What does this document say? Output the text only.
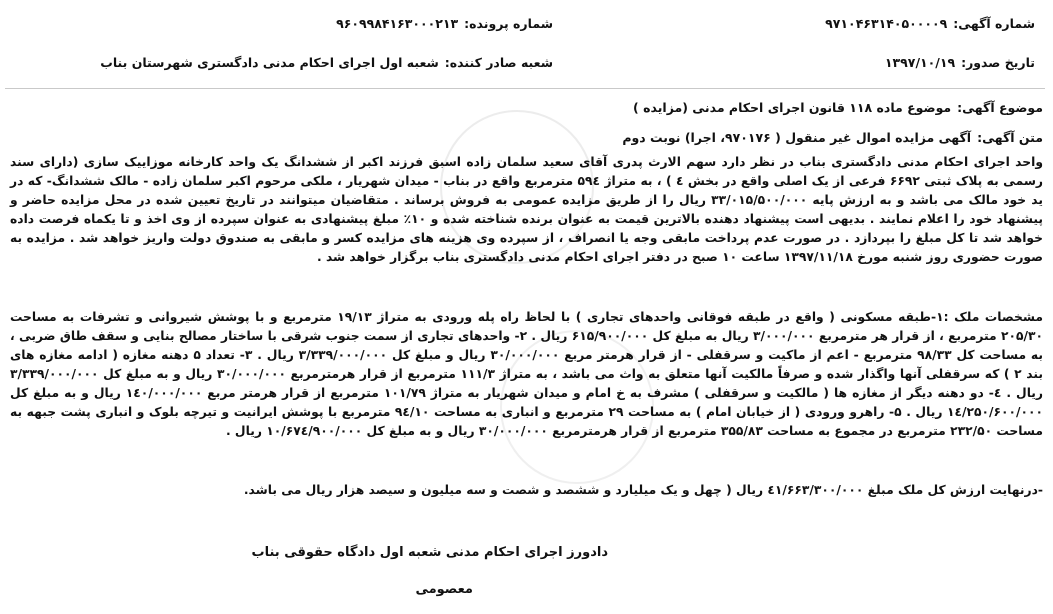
شماره آگهی:۹۷۱۰۴۶۳۱۴۰۵۰۰۰۰۹
شماره پرونده:۹۶۰۹۹۸۴۱۶۳۰۰۰۲۱۳
تاریخ صدور:۱۳۹۷/۱۰/۱۹
شعبه صادر کننده:شعبه اول اجرای احکام مدنی دادگستری شهرستان بناب
موضوع آگهی:موضوع ماده ۱۱۸ قانون اجرای احکام مدنی (مزایده )
متن آگهی:آگهی مزایده اموال غیر منقول ( ۹۷۰۱۷۶، اجرا) نوبت دوم

واحد اجرای احکام مدنی دادگستری بناب در نظر دارد سهم الارث پدری آقای سعید سلمان زاده اسبق فرزند اکبر از ششدانگ یک واحد کارخانه موزاییک سازی (دارای سند رسمی به پلاک ثبتی ۶۶۹۲ فرعی از یک اصلی واقع در بخش ٤ ) ، به متراژ ۵۹٤ مترمربع واقع در بناب - میدان شهریار ، ملکی مرحوم اکبر سلمان زاده - مالک ششدانگ- که در ید خود مالک می باشد و به ارزش پایه ۳۳/۰۱۵/۵۰۰/۰۰۰ ریال را از طریق مزایده عمومی به فروش برساند . متقاضیان میتوانند در تاریخ تعیین شده در محل مزایده حاضر و پیشنهاد خود را اعلام نمایند . بدیهی است پیشنهاد دهنده بالاترین قیمت به عنوان برنده شناخته شده و ۱۰٪ مبلغ پیشنهادی به عنوان سپرده از وی اخذ و تا یکماه فرصت داده خواهد شد تا کل مبلغ را بپردازد . در صورت عدم پرداخت مابقی وجه یا انصراف ، از سپرده وی هزینه های مزایده کسر و مابقی به صندوق دولت واریز خواهد شد . مزایده به صورت حضوری روز شنبه مورخ ۱۳۹۷/۱۱/۱۸ ساعت ۱۰ صبح در دفتر اجرای احکام مدنی دادگستری بناب برگزار خواهد شد .

مشخصات ملک :۱-طبقه مسکونی ( واقع در طبقه فوقانی واحدهای تجاری ) با لحاظ راه پله ورودی به متراژ ۱۹/۱۳ مترمربع و با پوشش شیروانی و تشرفات به مساحت ۲۰۵/۳۰ مترمربع ، از قرار هر مترمربع ۳/۰۰۰/۰۰۰ ریال به مبلغ کل ۶۱۵/۹۰۰/۰۰۰ ریال . ۲- واحدهای تجاری از سمت جنوب شرقی با ساختار مصالح بنایی و سقف طاق ضربی ، به مساحت کل ۹۸/۳۳ مترمربع - اعم از ماکیت و سرقفلی - از قرار هرمتر مربع ۳۰/۰۰۰/۰۰۰ ریال و مبلغ کل ۳/۳۳۹/۰۰۰/۰۰۰ ریال . ۳- تعداد ۵ دهنه مغازه ( ادامه مغازه های بند ۲ ) که سرقفلی آنها واگذار شده و صرفاً مالکیت آنها متعلق به واث می باشد ، به متراژ ۱۱۱/۳ مترمربع از قرار هرمترمربع ۳۰/۰۰۰/۰۰۰ ریال و به مبلغ کل ۳/۳۳۹/۰۰۰/۰۰۰ ریال . ٤- دو دهنه دیگر از مغازه ها ( مالکیت و سرقفلی ) مشرف به خ امام و میدان شهریار به متراژ ۱۰۱/۷۹ مترمربع از قرار هرمتر مربع ۱٤۰/۰۰۰/۰۰۰ ریال و به مبلغ کل ۱٤/۲۵۰/۶۰۰/۰۰۰ ریال . ۵- راهرو ورودی ( از خیابان امام ) به مساحت ۲۹ مترمربع و انباری به مساحت ۹٤/۱۰ مترمربع با پوشش ایرانیت و تیرچه بلوک و انباری پشت جبهه به مساحت ۲۳۲/۵۰ مترمربع در مجموع به مساحت ۳۵۵/۸۳ مترمربع از قرار هرمترمربع ۳۰/۰۰۰/۰۰۰ ریال و به مبلغ کل ۱۰/۶۷٤/۹۰۰/۰۰۰ ریال .

-درنهایت ارزش کل ملک مبلغ ٤۱/۶۶۳/۳۰۰/۰۰۰ ریال ( چهل و یک میلیارد و ششصد و شصت و سه میلیون و سیصد هزار ریال می باشد.

دادورز اجرای احکام مدنی شعبه اول دادگاه حقوقی بناب
معصومی
